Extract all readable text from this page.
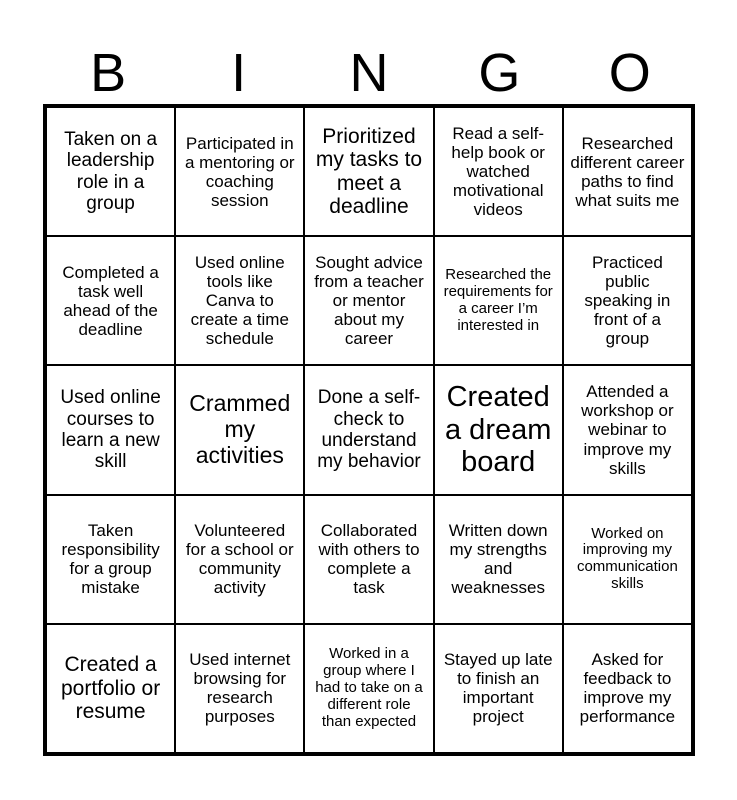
B	I	N	G	O
Taken on a leadership role in a group
Participated in a mentoring or coaching session
Prioritized my tasks to meet a deadline
Read a self-help book or watched motivational videos
Researched different career paths to find what suits me
Completed a task well ahead of the deadline
Used online tools like Canva to create a time schedule
Sought advice from a teacher or mentor about my career
Researched the requirements for a career I’m interested in
Practiced public speaking in front of a group
Used online courses to learn a new skill
Crammed my activities
Done a self-check to understand my behavior
Created a dream board
Attended a workshop or webinar to improve my skills
Taken responsibility for a group mistake
Volunteered for a school or community activity
Collaborated with others to complete a task
Written down my strengths and weaknesses
Worked on improving my communication skills
Created a portfolio or resume
Used internet browsing for research purposes
Worked in a group where I had to take on a different role than expected
Stayed up late to finish an important project
Asked for feedback to improve my performance
